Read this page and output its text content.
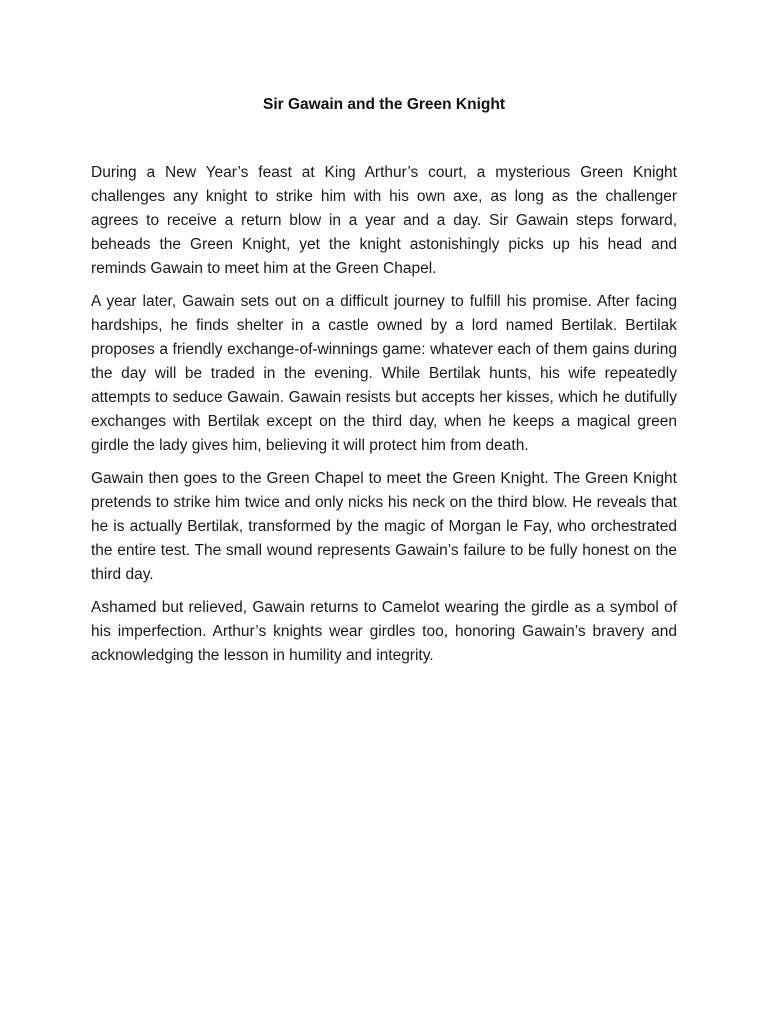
Sir Gawain and the Green Knight

During a New Year’s feast at King Arthur’s court, a mysterious Green Knight challenges any knight to strike him with his own axe, as long as the challenger agrees to receive a return blow in a year and a day. Sir Gawain steps forward, beheads the Green Knight, yet the knight astonishingly picks up his head and reminds Gawain to meet him at the Green Chapel.

A year later, Gawain sets out on a difficult journey to fulfill his promise. After facing hardships, he finds shelter in a castle owned by a lord named Bertilak. Bertilak proposes a friendly exchange-of-winnings game: whatever each of them gains during the day will be traded in the evening. While Bertilak hunts, his wife repeatedly attempts to seduce Gawain. Gawain resists but accepts her kisses, which he dutifully exchanges with Bertilak except on the third day, when he keeps a magical green girdle the lady gives him, believing it will protect him from death.

Gawain then goes to the Green Chapel to meet the Green Knight. The Green Knight pretends to strike him twice and only nicks his neck on the third blow. He reveals that he is actually Bertilak, transformed by the magic of Morgan le Fay, who orchestrated the entire test. The small wound represents Gawain’s failure to be fully honest on the third day.

Ashamed but relieved, Gawain returns to Camelot wearing the girdle as a symbol of his imperfection. Arthur’s knights wear girdles too, honoring Gawain’s bravery and acknowledging the lesson in humility and integrity.
